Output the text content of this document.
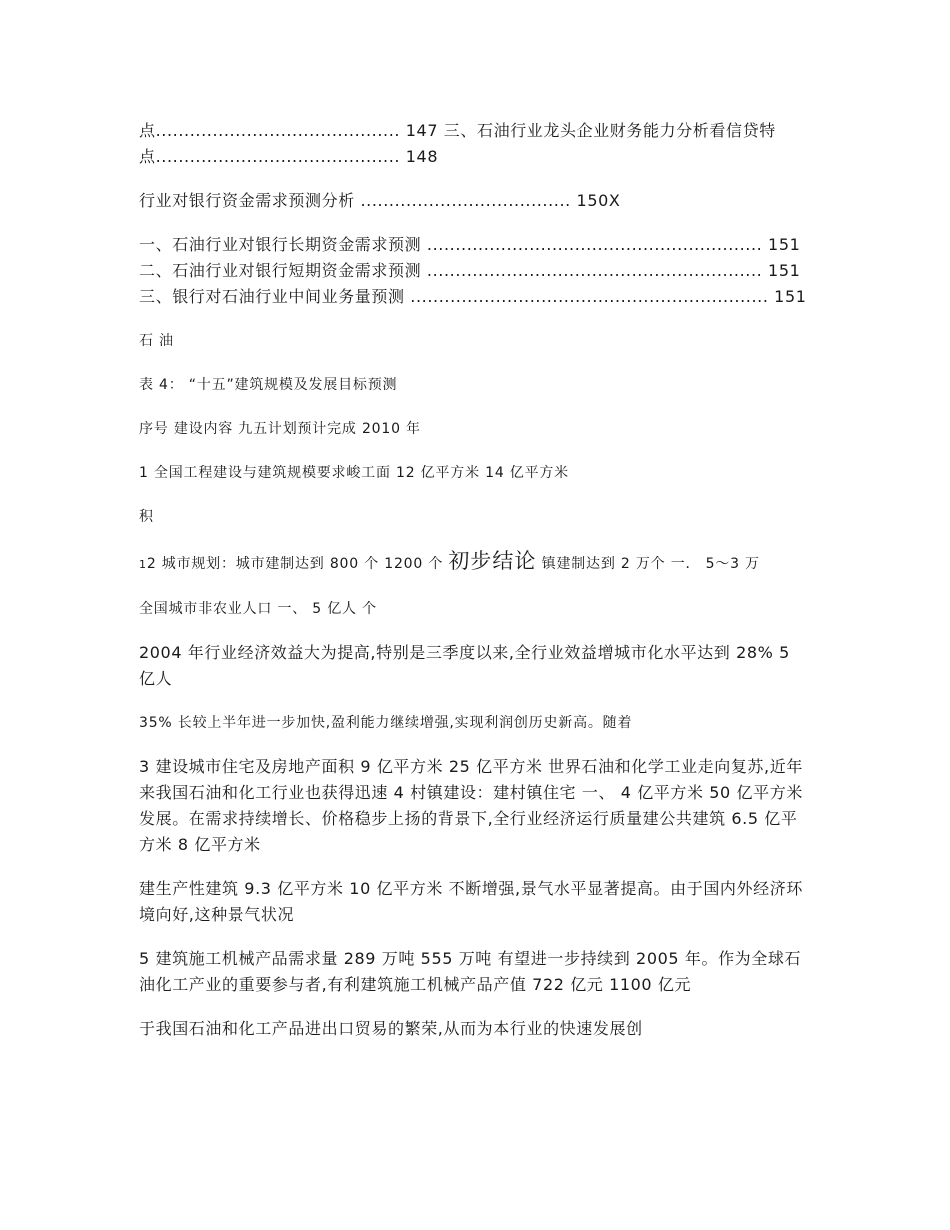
点........................................... 147 三、石油行业龙头企业财务能力分析看信贷特点........................................... 148

行业对银行资金需求预测分析 ..................................... 150X

一、石油行业对银行长期资金需求预测 ........................................................... 151 二、石油行业对银行短期资金需求预测 ........................................................... 151 三、银行对石油行业中间业务量预测 ............................................................... 151

石 油

表 4： “十五”建筑规模及发展目标预测

序号 建设内容 九五计划预计完成 2010 年

1 全国工程建设与建筑规模要求峻工面 12 亿平方米 14 亿平方米

积

12 城市规划：城市建制达到 800 个 1200 个 初步结论 镇建制达到 2 万个 一． 5～3 万

全国城市非农业人口 一、 5 亿人 个

2004 年行业经济效益大为提高,特别是三季度以来,全行业效益增城市化水平达到 28% 5 亿人

35% 长较上半年进一步加快,盈利能力继续增强,实现利润创历史新高。随着

3 建设城市住宅及房地产面积 9 亿平方米 25 亿平方米 世界石油和化学工业走向复苏,近年来我国石油和化工行业也获得迅速 4 村镇建设：建村镇住宅 一、 4 亿平方米 50 亿平方米 发展。在需求持续增长、价格稳步上扬的背景下,全行业经济运行质量建公共建筑 6.5 亿平方米 8 亿平方米

建生产性建筑 9.3 亿平方米 10 亿平方米 不断增强,景气水平显著提高。由于国内外经济环境向好,这种景气状况

5 建筑施工机械产品需求量 289 万吨 555 万吨 有望进一步持续到 2005 年。作为全球石油化工产业的重要参与者,有利建筑施工机械产品产值 722 亿元 1100 亿元

于我国石油和化工产品进出口贸易的繁荣,从而为本行业的快速发展创
